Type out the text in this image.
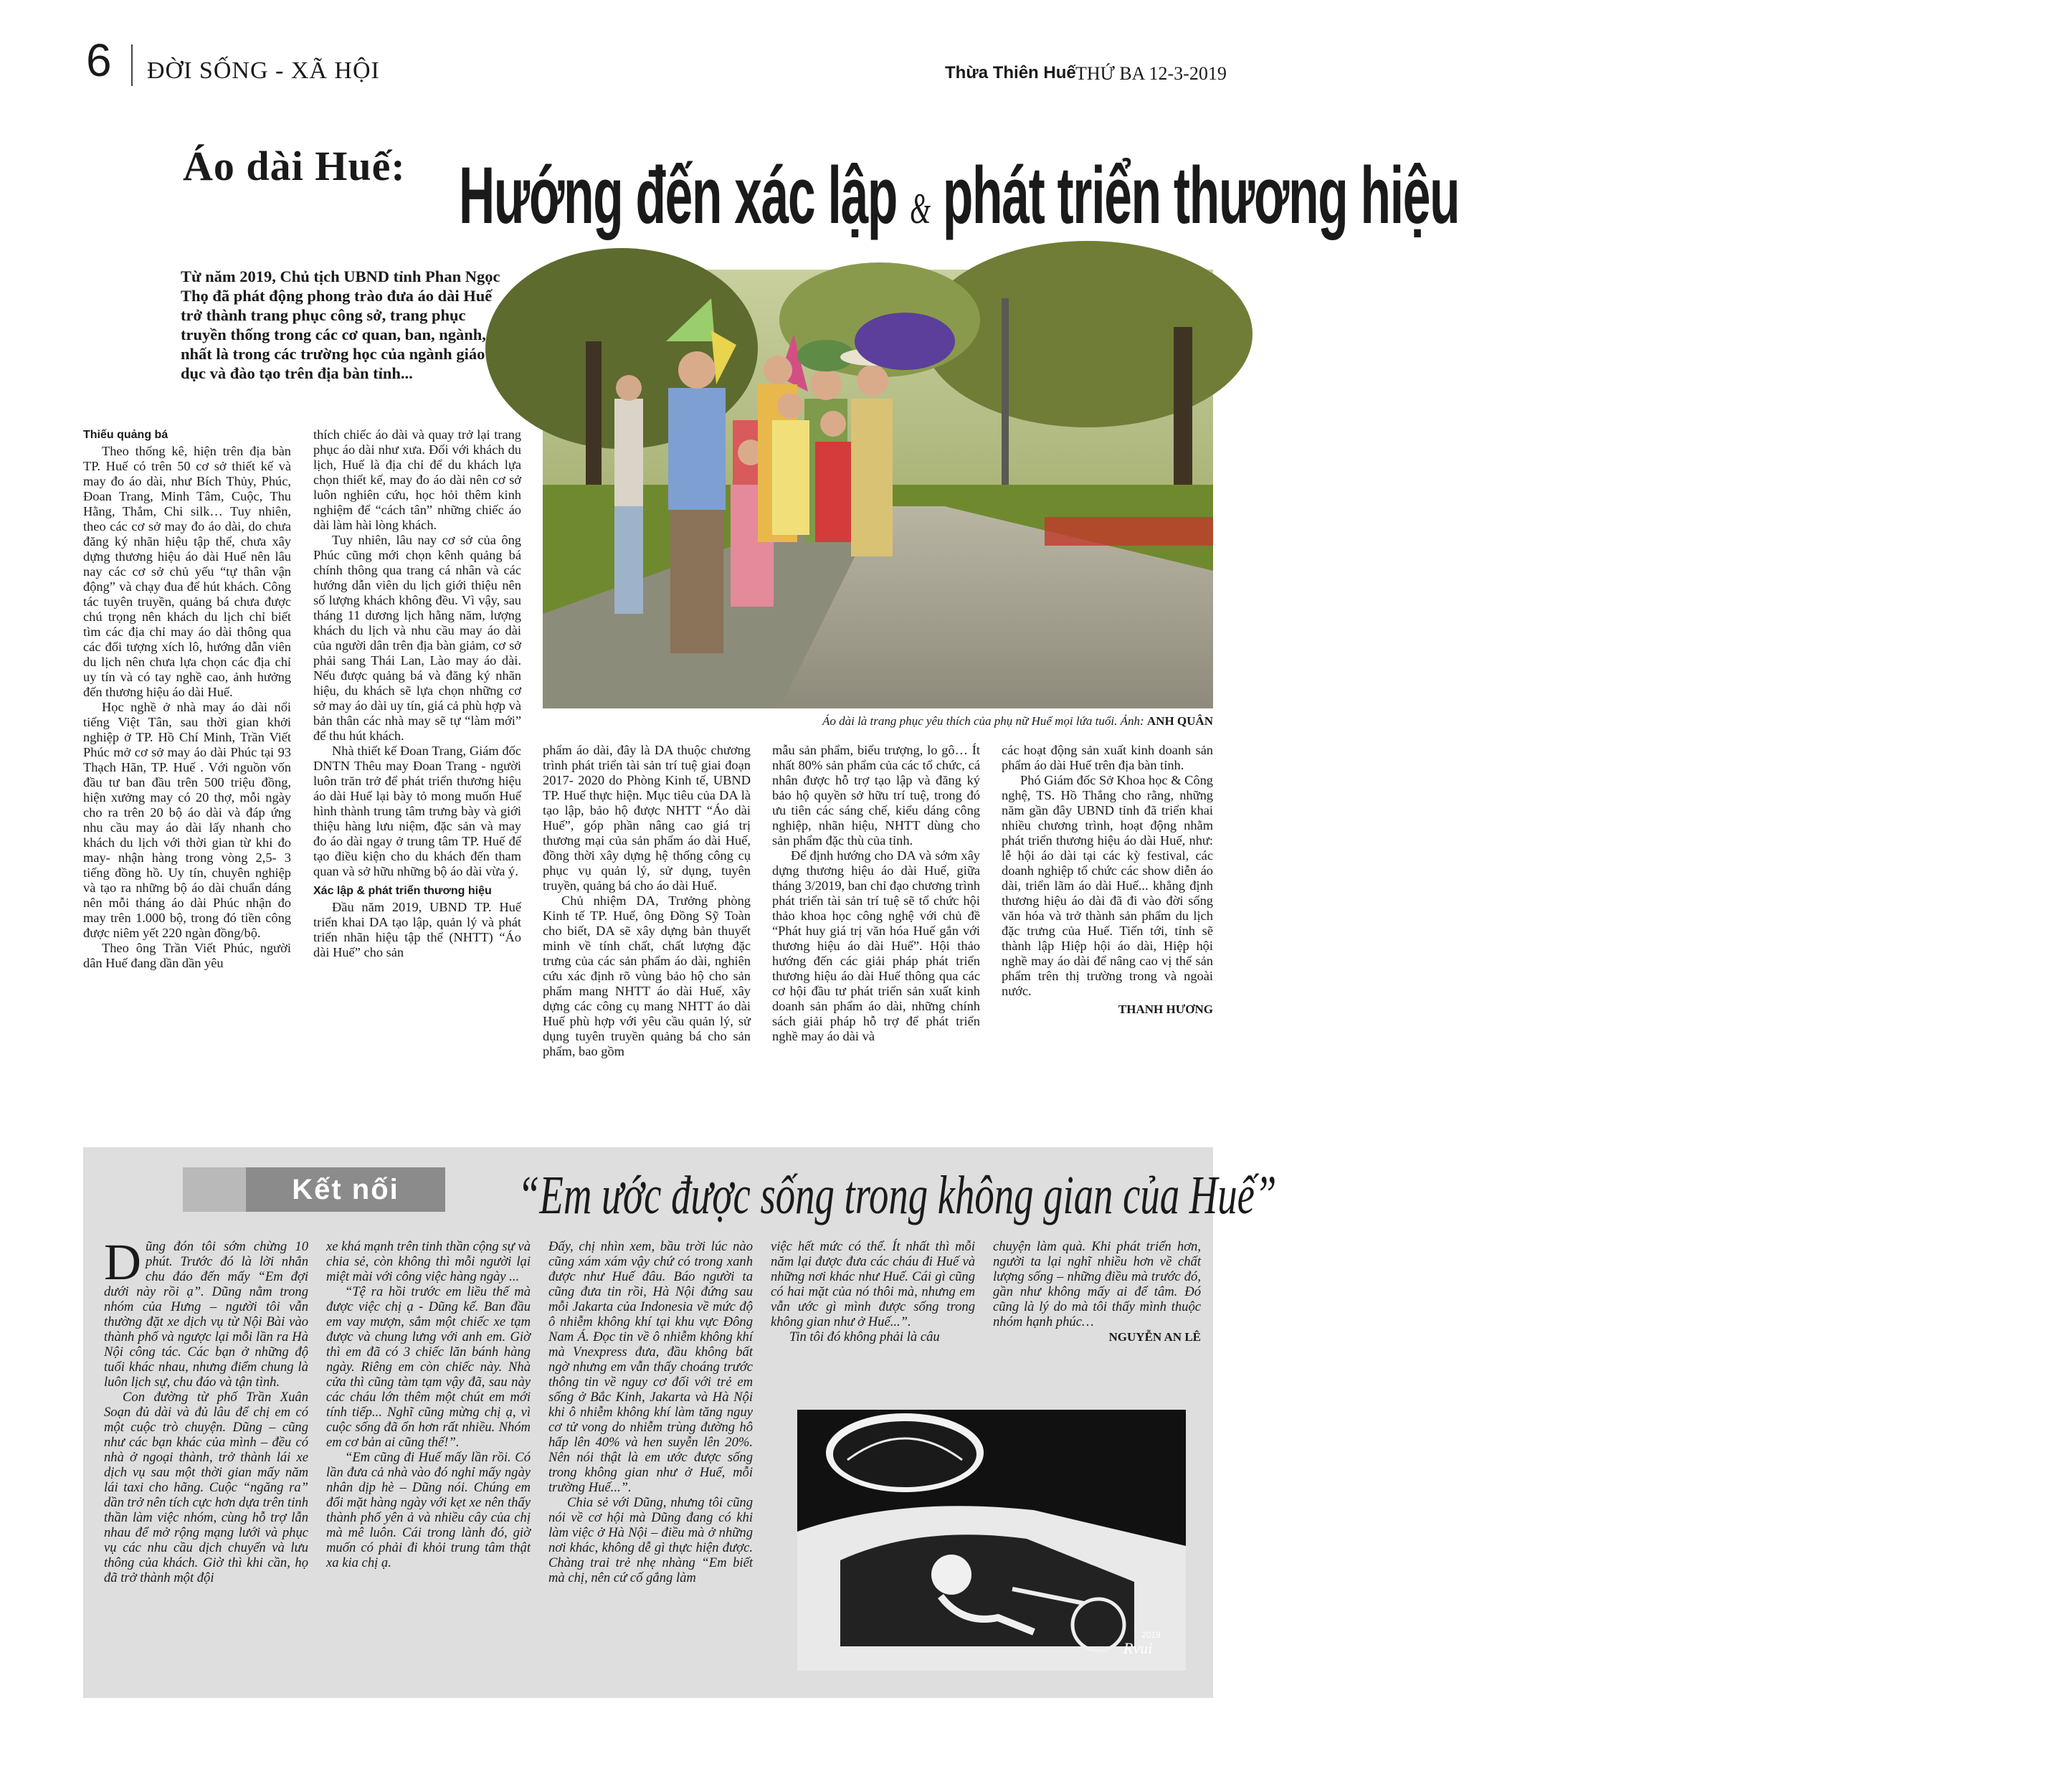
6 ĐỜI SỐNG - XÃ HỘI	Thừa Thiên Huế THỨ BA 12-3-2019
Áo dài Huế: Hướng đến xác lập & phát triển thương hiệu
Từ năm 2019, Chủ tịch UBND tỉnh Phan Ngọc Thọ đã phát động phong trào đưa áo dài Huế trở thành trang phục công sở, trang phục truyền thống trong các cơ quan, ban, ngành, nhất là trong các trường học của ngành giáo dục và đào tạo trên địa bàn tỉnh...
Áo dài là trang phục yêu thích của phụ nữ Huế mọi lứa tuổi. Ảnh: ANH QUÂN

Thiếu quảng bá

Theo thống kê, hiện trên địa bàn TP. Huế có trên 50 cơ sở thiết kế và may đo áo dài, như Bích Thủy, Phúc, Đoan Trang, Minh Tâm, Cuộc, Thu Hằng, Thắm, Chi silk… Tuy nhiên, theo các cơ sở may đo áo dài, do chưa đăng ký nhãn hiệu tập thể, chưa xây dựng thương hiệu áo dài Huế nên lâu nay các cơ sở chủ yếu “tự thân vận động” và chạy đua để hút khách. Công tác tuyên truyền, quảng bá chưa được chú trọng nên khách du lịch chỉ biết tìm các địa chỉ may áo dài thông qua các đối tượng xích lô, hướng dẫn viên du lịch nên chưa lựa chọn các địa chỉ uy tín và có tay nghề cao, ảnh hưởng đến thương hiệu áo dài Huế.

Học nghề ở nhà may áo dài nổi tiếng Việt Tân, sau thời gian khởi nghiệp ở TP. Hồ Chí Minh, Trần Viết Phúc mở cơ sở may áo dài Phúc tại 93 Thạch Hãn, TP. Huế . Với nguồn vốn đầu tư ban đầu trên 500 triệu đồng, hiện xưởng may có 20 thợ, mỗi ngày cho ra trên 20 bộ áo dài và đáp ứng nhu cầu may áo dài lấy nhanh cho khách du lịch với thời gian từ khi đo may- nhận hàng trong vòng 2,5- 3 tiếng đồng hồ. Uy tín, chuyên nghiệp và tạo ra những bộ áo dài chuẩn dáng nên mỗi tháng áo dài Phúc nhận đo may trên 1.000 bộ, trong đó tiền công được niêm yết 220 ngàn đồng/bộ.

Theo ông Trần Viết Phúc, người dân Huế đang dần dần yêu

thích chiếc áo dài và quay trở lại trang phục áo dài như xưa. Đối với khách du lịch, Huế là địa chỉ để du khách lựa chọn thiết kế, may đo áo dài nên cơ sở luôn nghiên cứu, học hỏi thêm kinh nghiệm để “cách tân” những chiếc áo dài làm hài lòng khách.

Tuy nhiên, lâu nay cơ sở của ông Phúc cũng mới chọn kênh quảng bá chính thông qua trang cá nhân và các hướng dẫn viên du lịch giới thiệu nên số lượng khách không đều. Vì vậy, sau tháng 11 dương lịch hằng năm, lượng khách du lịch và nhu cầu may áo dài của người dân trên địa bàn giảm, cơ sở phải sang Thái Lan, Lào may áo dài. Nếu được quảng bá và đăng ký nhãn hiệu, du khách sẽ lựa chọn những cơ sở may áo dài uy tín, giá cả phù hợp và bản thân các nhà may sẽ tự “làm mới” để thu hút khách.

Nhà thiết kế Đoan Trang, Giám đốc DNTN Thêu may Đoan Trang - người luôn trăn trở để phát triển thương hiệu áo dài Huế lại bày tỏ mong muốn Huế hình thành trung tâm trưng bày và giới thiệu hàng lưu niệm, đặc sản và may đo áo dài ngay ở trung tâm TP. Huế để tạo điều kiện cho du khách đến tham quan và sở hữu những bộ áo dài vừa ý.

Xác lập & phát triển thương hiệu

Đầu năm 2019, UBND TP. Huế triển khai DA tạo lập, quản lý và phát triển nhãn hiệu tập thể (NHTT) “Áo dài Huế” cho sản

phẩm áo dài, đây là DA thuộc chương trình phát triển tài sản trí tuệ giai đoạn 2017- 2020 do Phòng Kinh tế, UBND TP. Huế thực hiện. Mục tiêu của DA là tạo lập, bảo hộ được NHTT “Áo dài Huế”, góp phần nâng cao giá trị thương mại của sản phẩm áo dài Huế, đồng thời xây dựng hệ thống công cụ phục vụ quản lý, sử dụng, tuyên truyền, quảng bá cho áo dài Huế.

Chủ nhiệm DA, Trưởng phòng Kinh tế TP. Huế, ông Đồng Sỹ Toàn cho biết, DA sẽ xây dựng bản thuyết minh về tính chất, chất lượng đặc trưng của các sản phẩm áo dài, nghiên cứu xác định rõ vùng bảo hộ cho sản phẩm mang NHTT áo dài Huế, xây dựng các công cụ mang NHTT áo dài Huế phù hợp với yêu cầu quản lý, sử dụng tuyên truyền quảng bá cho sản phẩm, bao gồm

mẫu sản phẩm, biểu trượng, lo gô… Ít nhất 80% sản phẩm của các tổ chức, cá nhân được hỗ trợ tạo lập và đăng ký bảo hộ quyền sở hữu trí tuệ, trong đó ưu tiên các sáng chế, kiểu dáng công nghiệp, nhãn hiệu, NHTT dùng cho sản phẩm đặc thù của tỉnh.

Để định hướng cho DA và sớm xây dựng thương hiệu áo dài Huế, giữa tháng 3/2019, ban chỉ đạo chương trình phát triển tài sản trí tuệ sẽ tổ chức hội thảo khoa học công nghệ với chủ đề “Phát huy giá trị văn hóa Huế gắn với thương hiệu áo dài Huế”. Hội thảo hướng đến các giải pháp phát triển thương hiệu áo dài Huế thông qua các cơ hội đầu tư phát triển sản xuất kinh doanh sản phẩm áo dài, những chính sách giải pháp hỗ trợ để phát triển nghề may áo dài và

các hoạt động sản xuất kinh doanh sản phẩm áo dài Huế trên địa bàn tỉnh.

Phó Giám đốc Sở Khoa học & Công nghệ, TS. Hồ Thắng cho rằng, những năm gần đây UBND tỉnh đã triển khai nhiều chương trình, hoạt động nhằm phát triển thương hiệu áo dài Huế, như: lễ hội áo dài tại các kỳ festival, các doanh nghiệp tổ chức các show diễn áo dài, triển lãm áo dài Huế... khẳng định thương hiệu áo dài đã đi vào đời sống văn hóa và trở thành sản phẩm du lịch đặc trưng của Huế. Tiến tới, tỉnh sẽ thành lập Hiệp hội áo dài, Hiệp hội nghề may áo dài để nâng cao vị thế sản phẩm trên thị trường trong và ngoài nước.

THANH HƯƠNG

Kết nối	“Em ước được sống trong không gian của Huế”

Dũng đón tôi sớm chừng 10 phút. Trước đó là lời nhắn chu đáo đến mấy “Em đợi dưới này rồi ạ”. Dũng nằm trong nhóm của Hưng – người tôi vẫn thường đặt xe dịch vụ từ Nội Bài vào thành phố và ngược lại mỗi lần ra Hà Nội công tác. Các bạn ở những độ tuổi khác nhau, nhưng điểm chung là luôn lịch sự, chu đáo và tận tình.

Con đường từ phố Trần Xuân Soạn đủ dài và đủ lâu để chị em có một cuộc trò chuyện. Dũng – cũng như các bạn khác của mình – đều có nhà ở ngoại thành, trở thành lái xe dịch vụ sau một thời gian mấy năm lái taxi cho hãng. Cuộc “ngăng ra” dần trở nên tích cực hơn dựa trên tinh thần làm việc nhóm, cùng hỗ trợ lẫn nhau để mở rộng mạng lưới và phục vụ các nhu cầu dịch chuyển và lưu thông của khách. Giờ thì khi cần, họ đã trở thành một đội

xe khá mạnh trên tinh thần cộng sự và chia sẻ, còn không thì mỗi người lại miệt mài với công việc hàng ngày ...

“Tệ ra hồi trước em liều thế mà được việc chị ạ - Dũng kể. Ban đầu em vay mượn, sắm một chiếc xe tạm được và chung lưng với anh em. Giờ thì em đã có 3 chiếc lăn bánh hàng ngày. Riêng em còn chiếc này. Nhà cửa thì cũng tàm tạm vậy đã, sau này các cháu lớn thêm một chút em mới tính tiếp... Nghĩ cũng mừng chị ạ, vì cuộc sống đã ổn hơn rất nhiều. Nhóm em cơ bản ai cũng thế!”.

“Em cũng đi Huế mấy lần rồi. Có lần đưa cả nhà vào đó nghỉ mấy ngày nhân dịp hè – Dũng nói. Chúng em đổi mặt hàng ngày với kẹt xe nên thấy thành phố yên ả và nhiều cây của chị mà mê luôn. Cái trong lành đó, giờ muốn có phải đi khỏi trung tâm thật xa kia chị ạ.

Đấy, chị nhìn xem, bầu trời lúc nào cũng xám xám vậy chứ có trong xanh được như Huế đâu. Báo người ta cũng đưa tin rồi, Hà Nội đứng sau mỗi Jakarta của Indonesia về mức độ ô nhiễm không khí tại khu vực Đông Nam Á. Đọc tin về ô nhiễm không khí mà Vnexpress đưa, đầu không bất ngờ nhưng em vẫn thấy choáng trước thông tin về nguy cơ đối với trẻ em sống ở Bắc Kinh, Jakarta và Hà Nội khi ô nhiễm không khí làm tăng nguy cơ tử vong do nhiễm trùng đường hô hấp lên 40% và hen suyễn lên 20%. Nên nói thật là em ước được sống trong không gian như ở Huế, mỗi trường Huế...”.

Chia sẻ với Dũng, nhưng tôi cũng nói về cơ hội mà Dũng đang có khi làm việc ở Hà Nội – điều mà ở những nơi khác, không dễ gì thực hiện được. Chàng trai trẻ nhẹ nhàng “Em biết mà chị, nên cứ cố gắng làm

việc hết mức có thể. Ít nhất thì mỗi năm lại được đưa các cháu đi Huế và những nơi khác như Huế. Cái gì cũng có hai mặt của nó thôi mà, nhưng em vẫn ước gì mình được sống trong không gian như ở Huế...”.

Tin tôi đó không phải là câu

chuyện làm quà. Khi phát triển hơn, người ta lại nghĩ nhiều hơn về chất lượng sống – những điều mà trước đó, gần như không mấy ai để tâm. Đó cũng là lý do mà tôi thấy mình thuộc nhóm hạnh phúc…

NGUYỄN AN LÊ

Rvui
2019
